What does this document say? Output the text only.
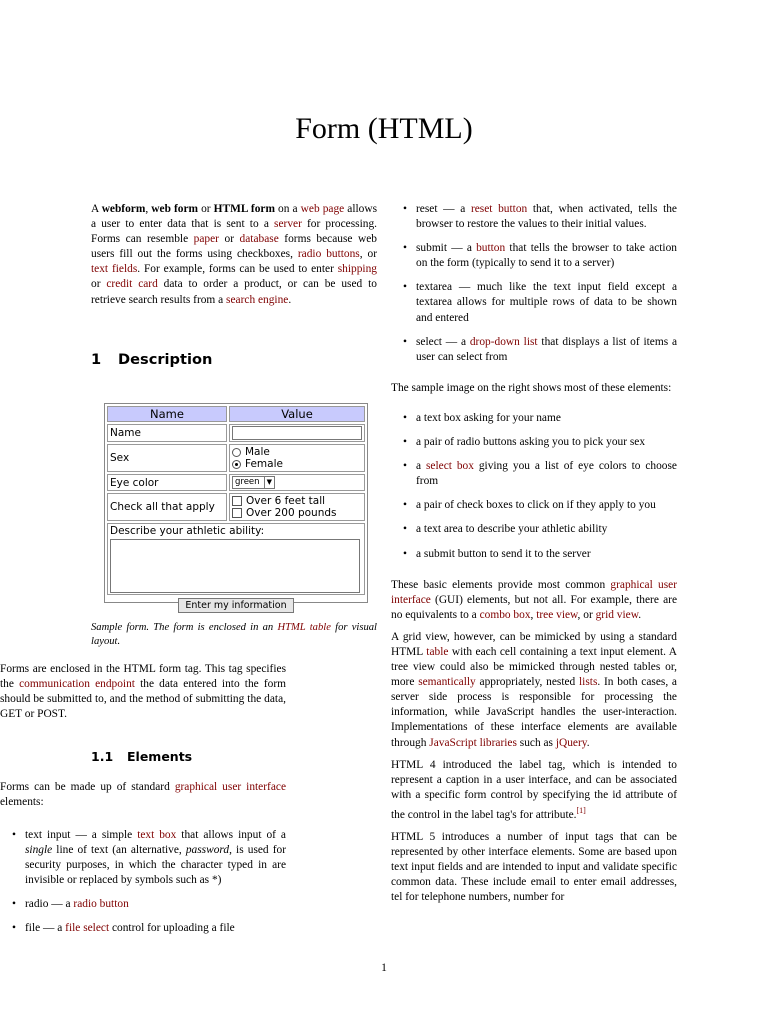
Form (HTML)

A webform, web form or HTML form on a web page allows a user to enter data that is sent to a server for processing. Forms can resemble paper or database forms because web users fill out the forms using checkboxes, radio buttons, or text fields. For example, forms can be used to enter shipping or credit card data to order a product, or can be used to retrieve search results from a search engine.

1 Description
Name	Value
Name	
Sex	Male
Female

Eye color	green ▼
Check all that apply	Over 6 feet tall
Over 200 pounds

Describe your athletic ability:	
Enter my information
Sample form. The form is enclosed in an HTML table for visual layout.

Forms are enclosed in the HTML form tag. This tag specifies the communication endpoint the data entered into the form should be submitted to, and the method of submitting the data, GET or POST.

1.1 Elements

Forms can be made up of standard graphical user interface elements:

• text input — a simple text box that allows input of a single line of text (an alternative, password, is used for security purposes, in which the character typed in are invisible or replaced by symbols such as *)
• radio — a radio button
• file — a file select control for uploading a file
• reset — a reset button that, when activated, tells the browser to restore the values to their initial values.
• submit — a button that tells the browser to take action on the form (typically to send it to a server)
• textarea — much like the text input field except a textarea allows for multiple rows of data to be shown and entered
• select — a drop-down list that displays a list of items a user can select from

The sample image on the right shows most of these elements:

• a text box asking for your name
• a pair of radio buttons asking you to pick your sex
• a select box giving you a list of eye colors to choose from
• a pair of check boxes to click on if they apply to you
• a text area to describe your athletic ability
• a submit button to send it to the server

These basic elements provide most common graphical user interface (GUI) elements, but not all. For example, there are no equivalents to a combo box, tree view, or grid view.

A grid view, however, can be mimicked by using a standard HTML table with each cell containing a text input element. A tree view could also be mimicked through nested tables or, more semantically appropriately, nested lists. In both cases, a server side process is responsible for processing the information, while JavaScript handles the user-interaction. Implementations of these interface elements are available through JavaScript libraries such as jQuery.

HTML 4 introduced the label tag, which is intended to represent a caption in a user interface, and can be associated with a specific form control by specifying the id attribute of the control in the label tag's for attribute.[1]

HTML 5 introduces a number of input tags that can be represented by other interface elements. Some are based upon text input fields and are intended to input and validate specific common data. These include email to enter email addresses, tel for telephone numbers, number for

1
